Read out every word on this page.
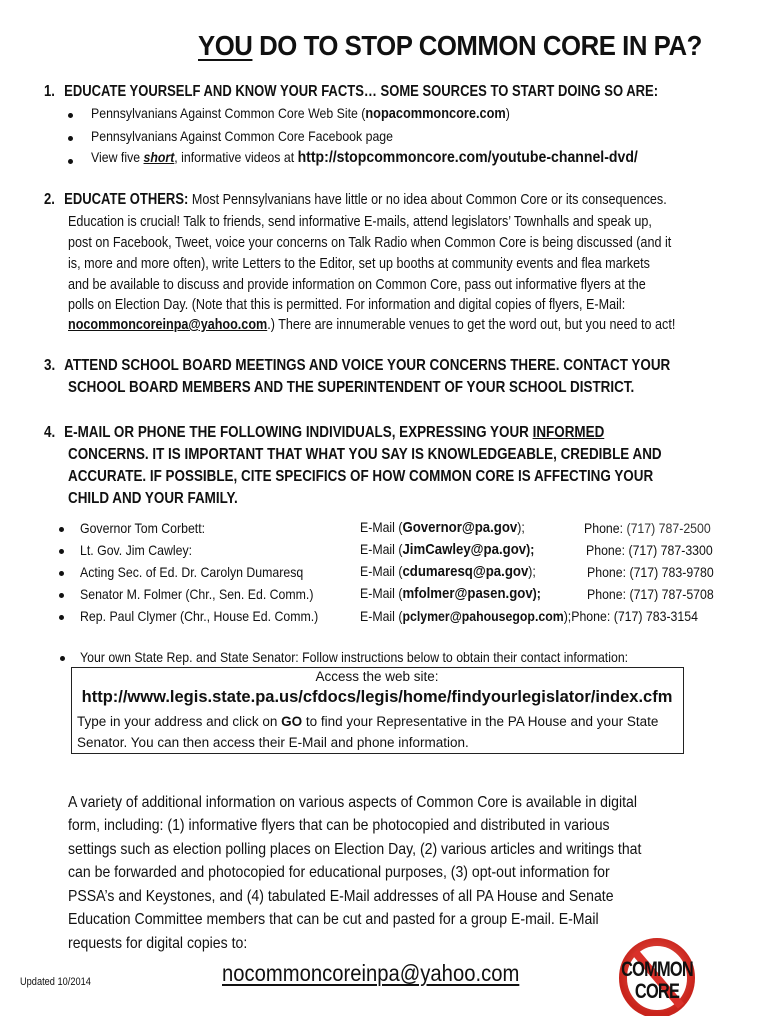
YOU DO TO STOP COMMON CORE IN PA?
1. EDUCATE YOURSELF AND KNOW YOUR FACTS… SOME SOURCES TO START DOING SO ARE:
Pennsylvanians Against Common Core Web Site (nopacommoncore.com)
Pennsylvanians Against Common Core Facebook page
View five short, informative videos at http://stopcommoncore.com/youtube-channel-dvd/
2. EDUCATE OTHERS: Most Pennsylvanians have little or no idea about Common Core or its consequences.
Education is crucial! Talk to friends, send informative E-mails, attend legislators’ Townhalls and speak up,
post on Facebook, Tweet, voice your concerns on Talk Radio when Common Core is being discussed (and it
is, more and more often), write Letters to the Editor, set up booths at community events and flea markets
and be available to discuss and provide information on Common Core, pass out informative flyers at the
polls on Election Day. (Note that this is permitted. For information and digital copies of flyers, E-Mail:
nocommoncoreinpa@yahoo.com.) There are innumerable venues to get the word out, but you need to act!
3. ATTEND SCHOOL BOARD MEETINGS AND VOICE YOUR CONCERNS THERE. CONTACT YOUR
SCHOOL BOARD MEMBERS AND THE SUPERINTENDENT OF YOUR SCHOOL DISTRICT.
4. E-MAIL OR PHONE THE FOLLOWING INDIVIDUALS, EXPRESSING YOUR INFORMED
CONCERNS. IT IS IMPORTANT THAT WHAT YOU SAY IS KNOWLEDGEABLE, CREDIBLE AND
ACCURATE. IF POSSIBLE, CITE SPECIFICS OF HOW COMMON CORE IS AFFECTING YOUR
CHILD AND YOUR FAMILY.
Governor Tom Corbett:	E-Mail (Governor@pa.gov);	Phone: (717) 787-2500
Lt. Gov. Jim Cawley:	E-Mail (JimCawley@pa.gov);	Phone: (717) 787-3300
Acting Sec. of Ed. Dr. Carolyn Dumaresq	E-Mail (cdumaresq@pa.gov);	Phone: (717) 783-9780
Senator M. Folmer (Chr., Sen. Ed. Comm.)	E-Mail (mfolmer@pasen.gov);	Phone: (717) 787-5708
Rep. Paul Clymer (Chr., House Ed. Comm.)	E-Mail (pclymer@pahousegop.com);Phone: (717) 783-3154
Your own State Rep. and State Senator: Follow instructions below to obtain their contact information:
Access the web site:
http://www.legis.state.pa.us/cfdocs/legis/home/findyourlegislator/index.cfm
Type in your address and click on GO to find your Representative in the PA House and your State
Senator. You can then access their E-Mail and phone information.
A variety of additional information on various aspects of Common Core is available in digital
form, including: (1) informative flyers that can be photocopied and distributed in various
settings such as election polling places on Election Day, (2) various articles and writings that
can be forwarded and photocopied for educational purposes, (3) opt-out information for
PSSA’s and Keystones, and (4) tabulated E-Mail addresses of all PA House and Senate
Education Committee members that can be cut and pasted for a group E-mail. E-Mail
requests for digital copies to:
nocommoncoreinpa@yahoo.com
Updated 10/2014
COMMON
CORE
